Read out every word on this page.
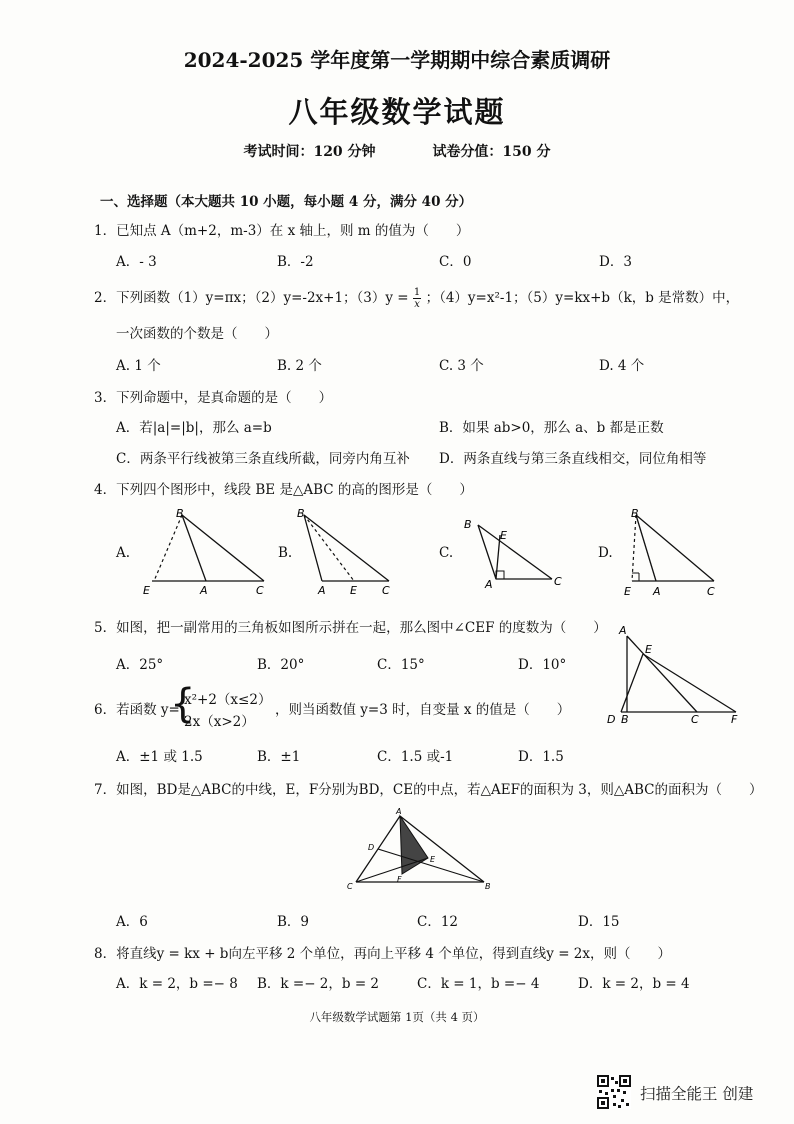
2024-2025 学年度第一学期期中综合素质调研
八年级数学试题
考试时间：120 分钟	试卷分值：150 分
一、选择题（本大题共 10 小题，每小题 4 分，满分 40 分）
1．已知点 A（m+2，m-3）在 x 轴上，则 m 的值为（　　）
A．- 3	B．-2	C．0	D．3
2．下列函数（1）y=πx；（2）y=-2x+1；$(3)y = \frac{1}{x}$ ；（4）y=x²-1；（5）y=kx+b（k，b 是常数）中，
一次函数的个数是（　　）
A. 1 个	B. 2 个	C. 3 个	D. 4 个
3．下列命题中，是真命题的是（　　）
A．若|a|=|b|，那么 a=b	B．如果 ab>0，那么 a、b 都是正数
C．两条平行线被第三条直线所截，同旁内角互补 D．两条直线与第三条直线相交，同位角相等
4．下列四个图形中，线段 BE 是△ABC 的高的图形是（　　）
A.	B.	C.	D.
B
E	A	C
B
A E C
B
E
A	C
B
E A	C
5．如图，把一副常用的三角板如图所示拼在一起，那么图中∠CEF 的度数为（　　）
A．25°	B．20°	C．15°	D．10°
A
E
D B	C	F
6．若函数 y=
{
x²+2（x≤2）
2x（x>2）
，则当函数值 y=3 时，自变量 x 的值是（　　）
A．±1 或 1.5	B．±1	C．1.5 或-1	D．1.5
7．如图，BD是△ABC的中线，E，F分别为BD，CE的中点，若△AEF的面积为 3，则△ABC的面积为（　　）
A
D
E
F
C	B
A．6	B．9	C．12	D．15
8．将直线y = kx + b向左平移 2 个单位，再向上平移 4 个单位，得到直线y = 2x，则（　　）
A．k = 2，b =− 8 B．k =− 2，b = 2	C．k = 1，b =− 4	D．k = 2，b = 4
八年级数学试题第 1页（共 4 页）
扫描全能王 创建
